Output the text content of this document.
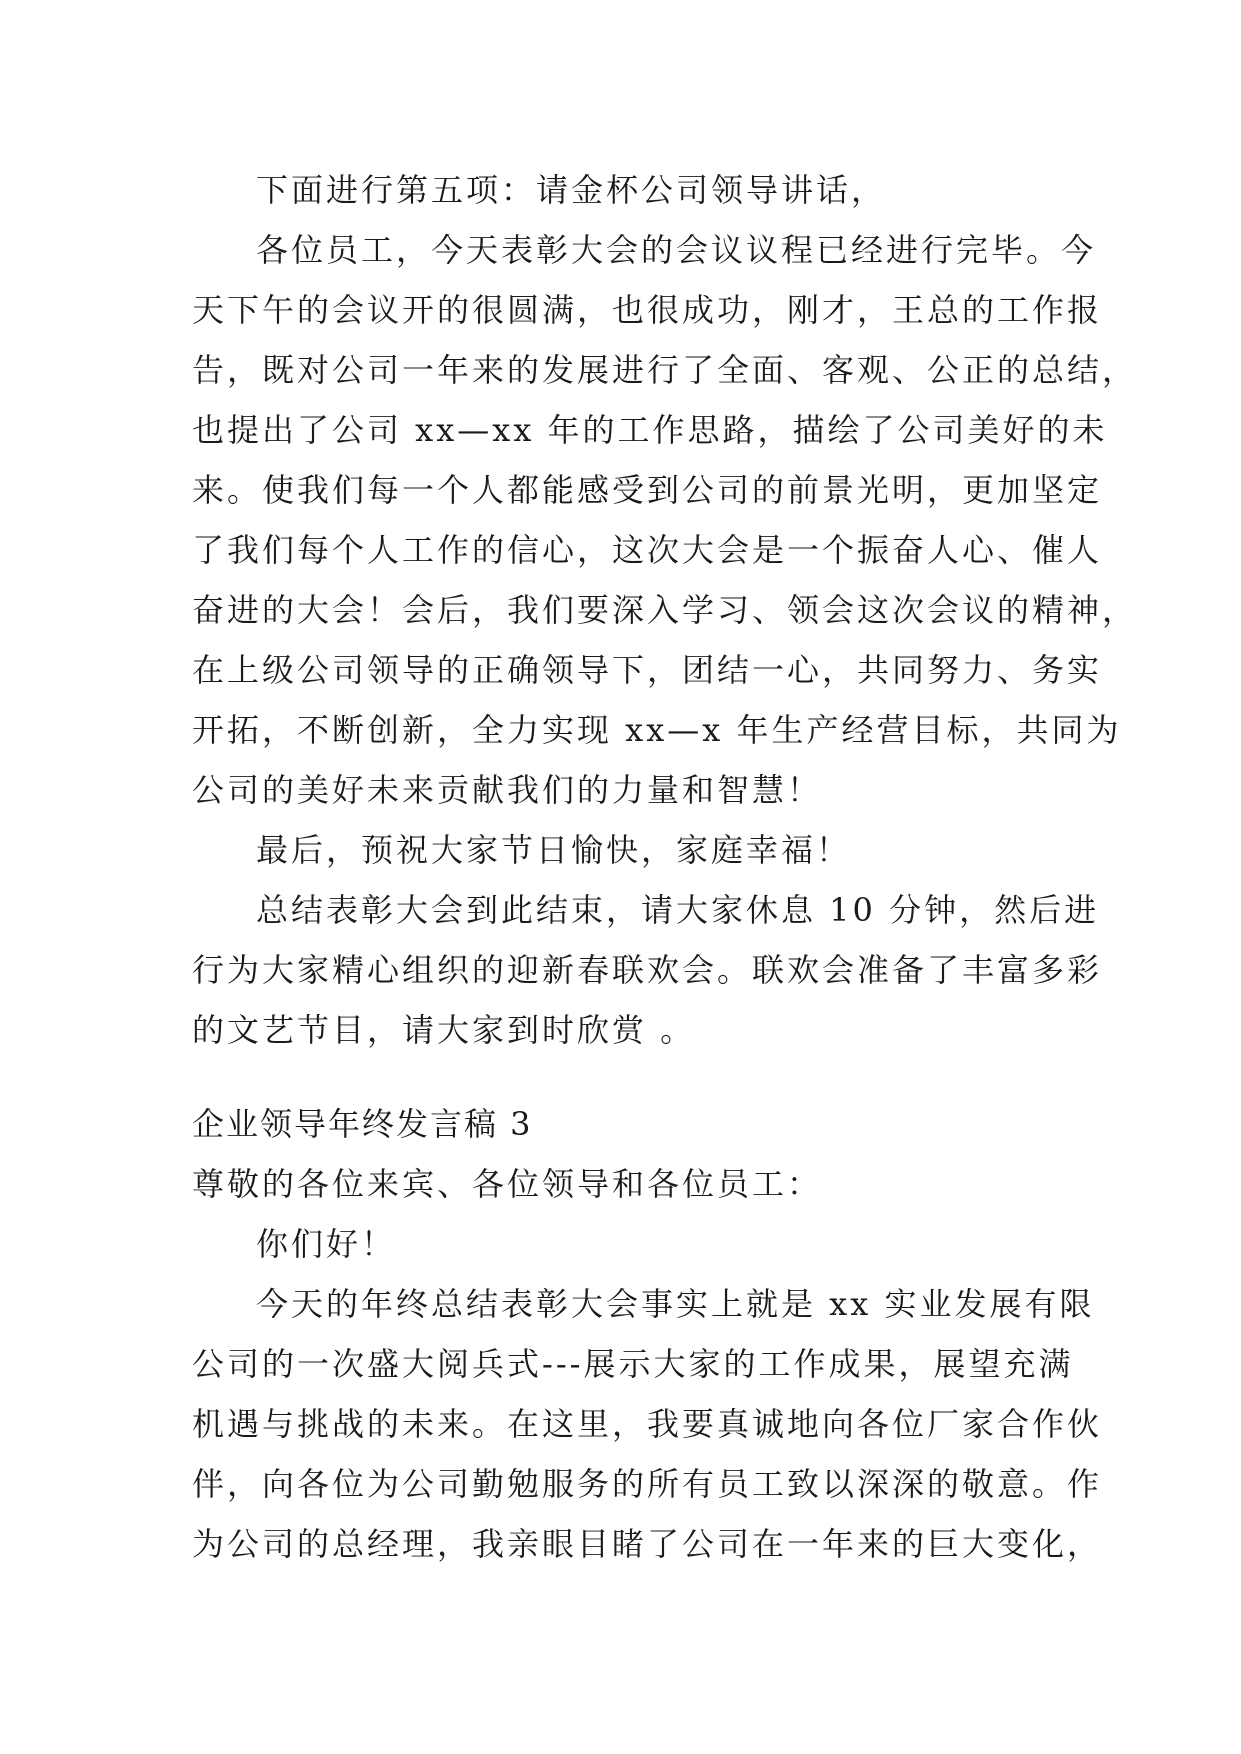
下面进行第五项：请金杯公司领导讲话，
各位员工，今天表彰大会的会议议程已经进行完毕。今
天下午的会议开的很圆满，也很成功，刚才，王总的工作报
告，既对公司一年来的发展进行了全面、客观、公正的总结，
也提出了公司 xx—xx 年的工作思路，描绘了公司美好的未
来。使我们每一个人都能感受到公司的前景光明，更加坚定
了我们每个人工作的信心，这次大会是一个振奋人心、催人
奋进的大会！会后，我们要深入学习、领会这次会议的精神，
在上级公司领导的正确领导下，团结一心，共同努力、务实
开拓，不断创新，全力实现 xx—x 年生产经营目标，共同为
公司的美好未来贡献我们的力量和智慧！
最后，预祝大家节日愉快，家庭幸福！
总结表彰大会到此结束，请大家休息 10 分钟，然后进
行为大家精心组织的迎新春联欢会。联欢会准备了丰富多彩
的文艺节目，请大家到时欣赏 。
企业领导年终发言稿 3
尊敬的各位来宾、各位领导和各位员工：
你们好！
今天的年终总结表彰大会事实上就是 xx 实业发展有限
公司的一次盛大阅兵式---展示大家的工作成果，展望充满
机遇与挑战的未来。在这里，我要真诚地向各位厂家合作伙
伴，向各位为公司勤勉服务的所有员工致以深深的敬意。作
为公司的总经理，我亲眼目睹了公司在一年来的巨大变化，
